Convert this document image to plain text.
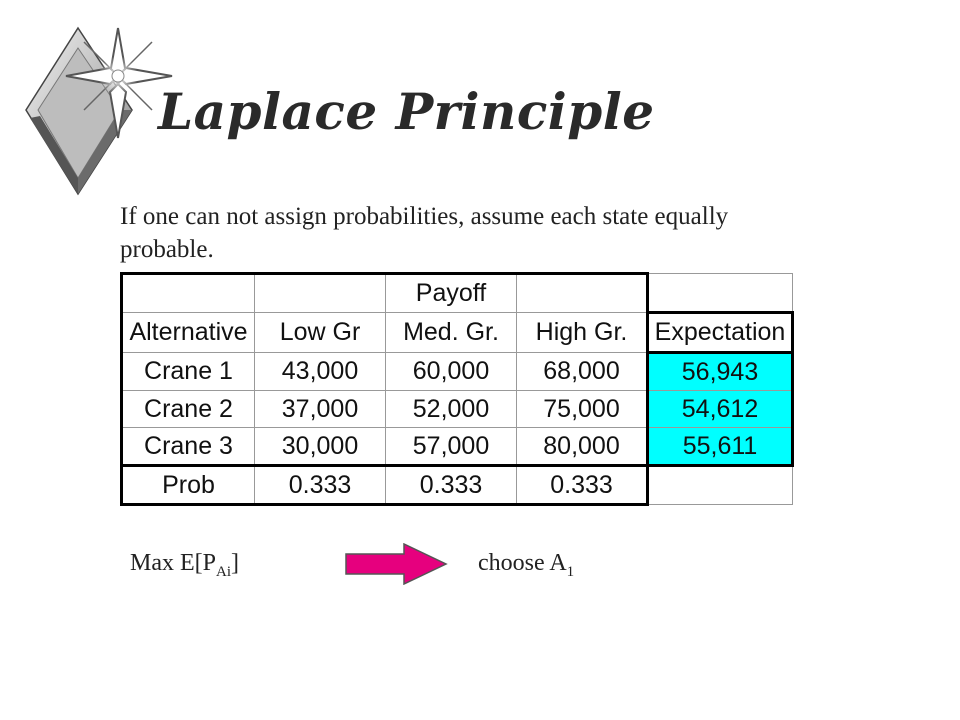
Laplace Principle

If one can not assign probabilities, assume each state equally probable.

		Payoff		
Alternative	Low Gr	Med. Gr.	High Gr.	Expectation
Crane 1	43,000	60,000	68,000	56,943
Crane 2	37,000	52,000	75,000	54,612
Crane 3	30,000	57,000	80,000	55,611
Prob	0.333	0.333	0.333	
Max $E[P_{Ai}]$	choose $A_1$
